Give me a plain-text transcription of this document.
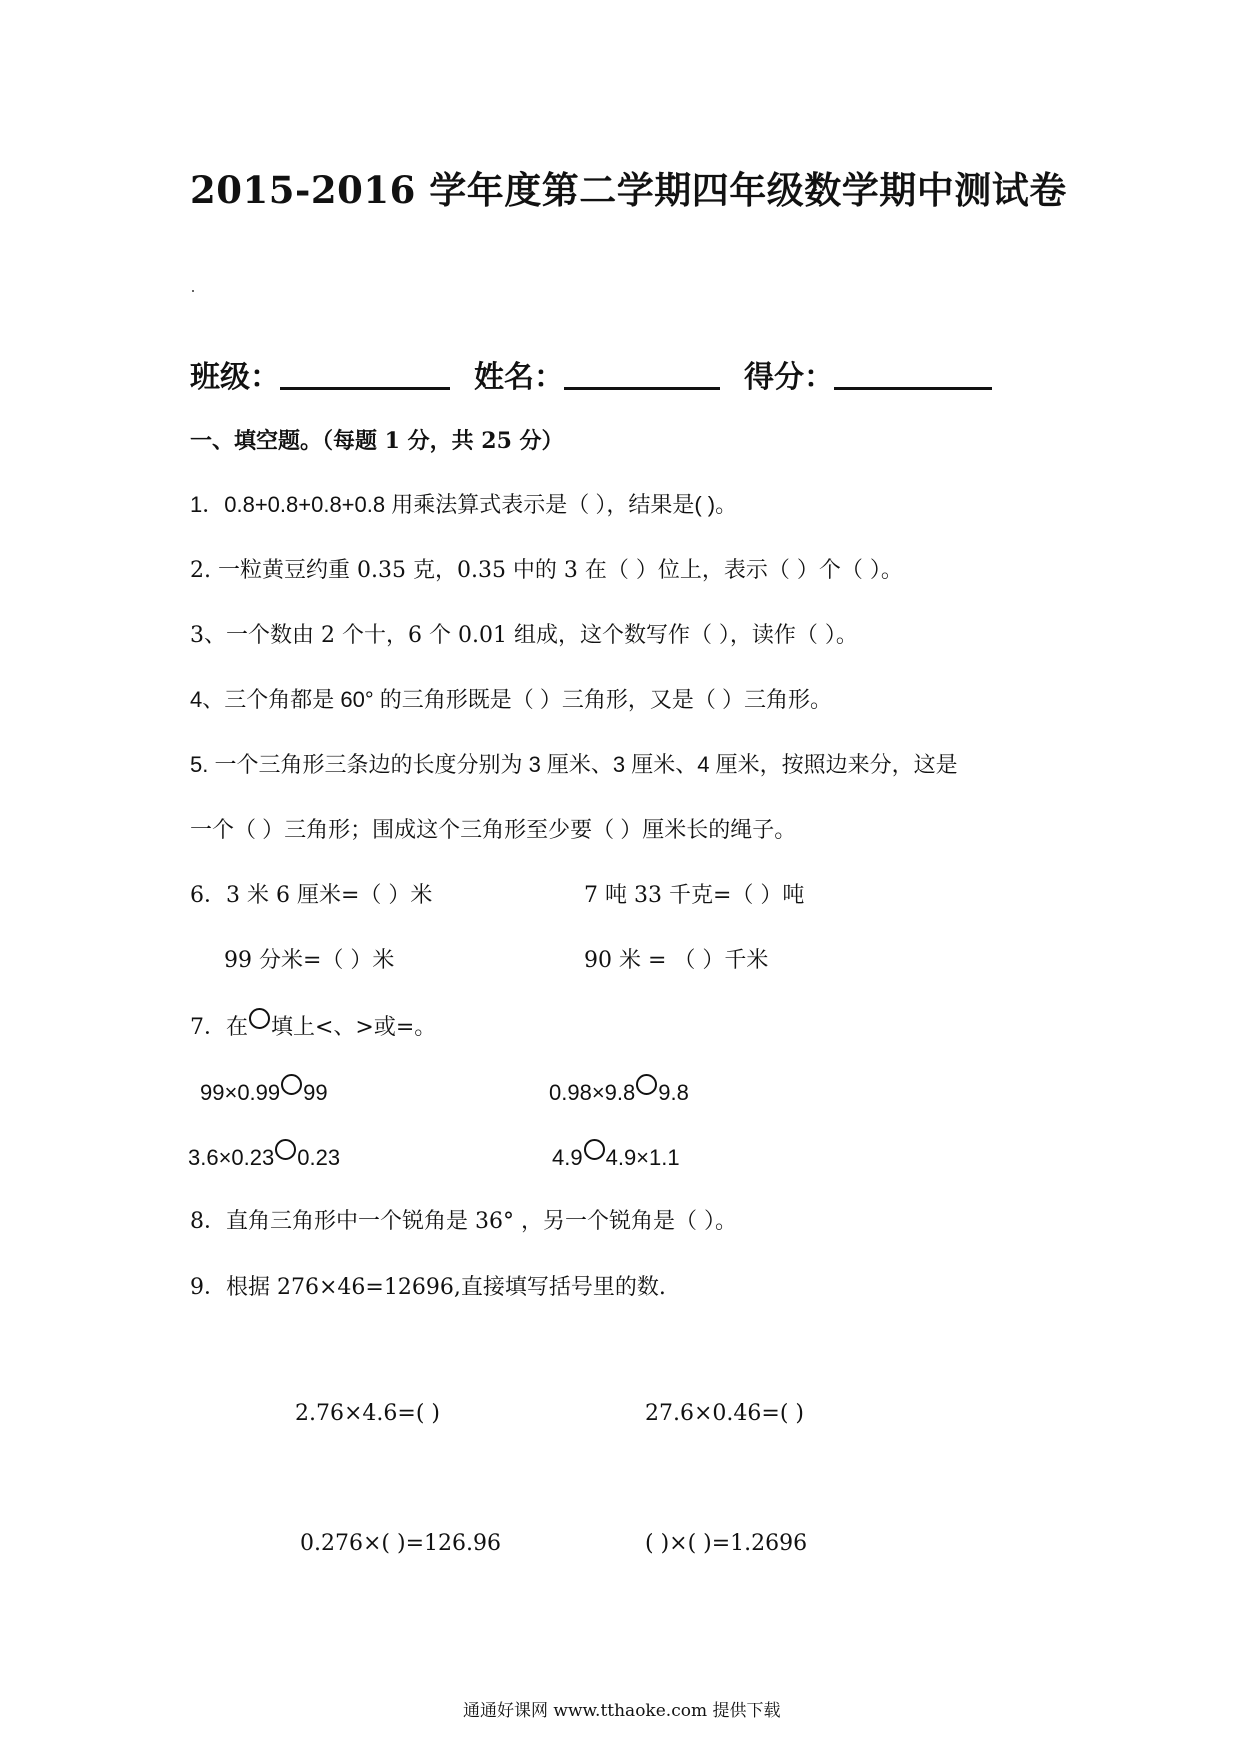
2015-2016 学年度第二学期四年级数学期中测试卷
班级：	姓名：	得分：
一、填空题。（每题 1 分，共 25 分）
1．0.8+0.8+0.8+0.8 用乘法算式表示是（ ），结果是( )。
2. 一粒黄豆约重 0.35 克，0.35 中的 3 在（ ）位上，表示（ ）个（ ）。
3、一个数由 2 个十，6 个 0.01 组成，这个数写作（ ），读作（ ）。
4、三个角都是 60° 的三角形既是（ ）三角形，又是（ ）三角形。
5. 一个三角形三条边的长度分别为 3 厘米、3 厘米、4 厘米，按照边来分，这是
一个（ ）三角形；围成这个三角形至少要（ ）厘米长的绳子。
6．3 米 6 厘米=（ ）米	7 吨 33 千克=（ ）吨
99 分米=（ ）米	90 米 = （ ）千米
7．在 填上<、>或=。
99×0.99 99	0.98×9.8 9.8
3.6×0.23 0.23	4.9 4.9×1.1
8．直角三角形中一个锐角是 36° ，另一个锐角是（ ）。
9．根据 276×46=12696,直接填写括号里的数.
2.76×4.6=( )	27.6×0.46=( )
0.276×( )=126.96	( )×( )=1.2696
通通好课网 www.tthaoke.com 提供下载
